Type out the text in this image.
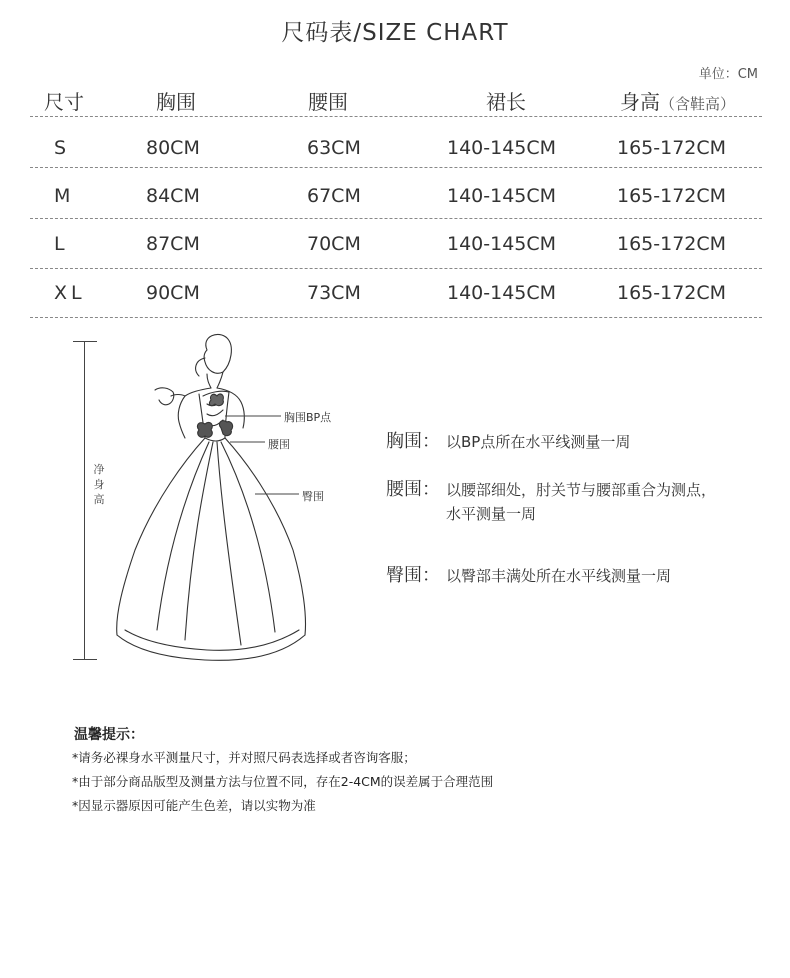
尺码表/SIZE CHART
单位：CM
尺寸	胸围	腰围	裙长	身高（含鞋高）
S	80CM	63CM	140-145CM	165-172CM
M	84CM	67CM	140-145CM	165-172CM
L	87CM	70CM	140-145CM	165-172CM
XL	90CM	73CM	140-145CM	165-172CM
净身高
胸围BP点
腰围
臀围
胸围： 以BP点所在水平线测量一周
腰围： 以腰部细处，肘关节与腰部重合为测点，水平测量一周
臀围： 以臀部丰满处所在水平线测量一周
温馨提示：
*请务必裸身水平测量尺寸，并对照尺码表选择或者咨询客服；
*由于部分商品版型及测量方法与位置不同，存在2-4CM的误差属于合理范围
*因显示器原因可能产生色差，请以实物为准
